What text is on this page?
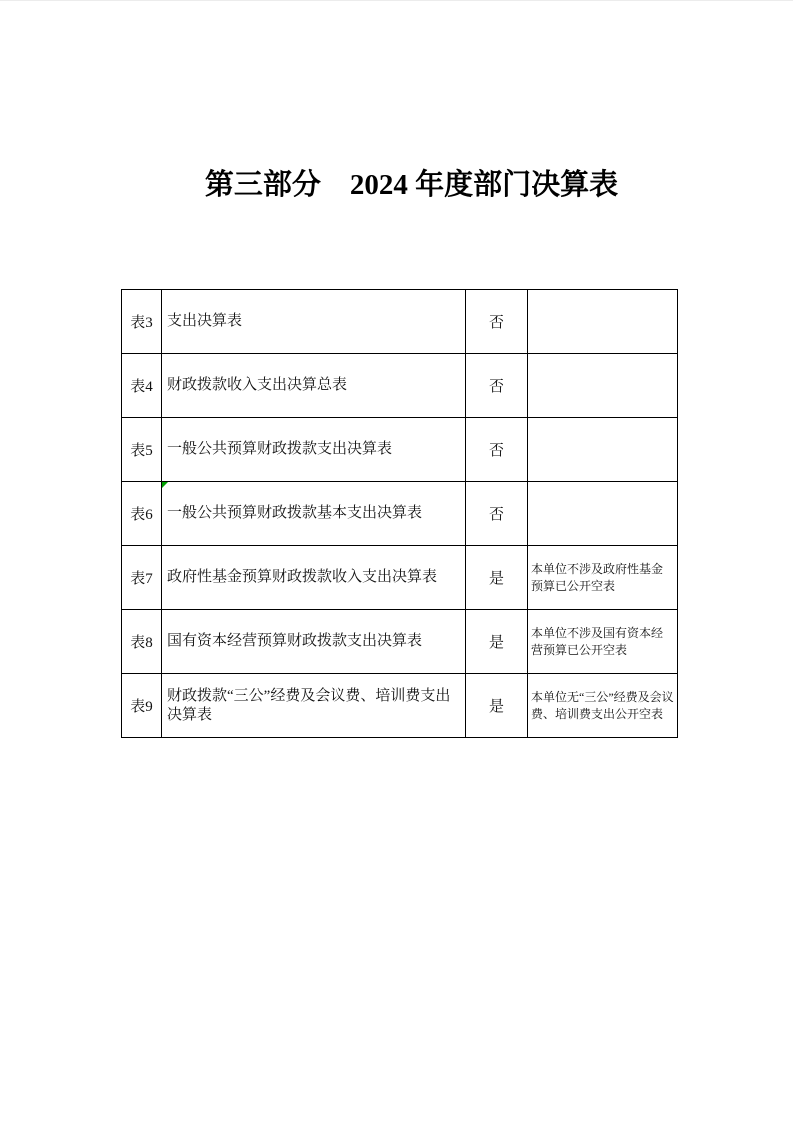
第三部分　2024 年度部门决算表
表3	支出决算表	否	
表4	财政拨款收入支出决算总表	否	
表5	一般公共预算财政拨款支出决算表	否	
表6	一般公共预算财政拨款基本支出决算表	否	
表7	政府性基金预算财政拨款收入支出决算表	是	本单位不涉及政府性基金预算已公开空表
表8	国有资本经营预算财政拨款支出决算表	是	本单位不涉及国有资本经营预算已公开空表
表9	财政拨款“三公”经费及会议费、培训费支出决算表	是	本单位无“三公”经费及会议费、培训费支出公开空表
